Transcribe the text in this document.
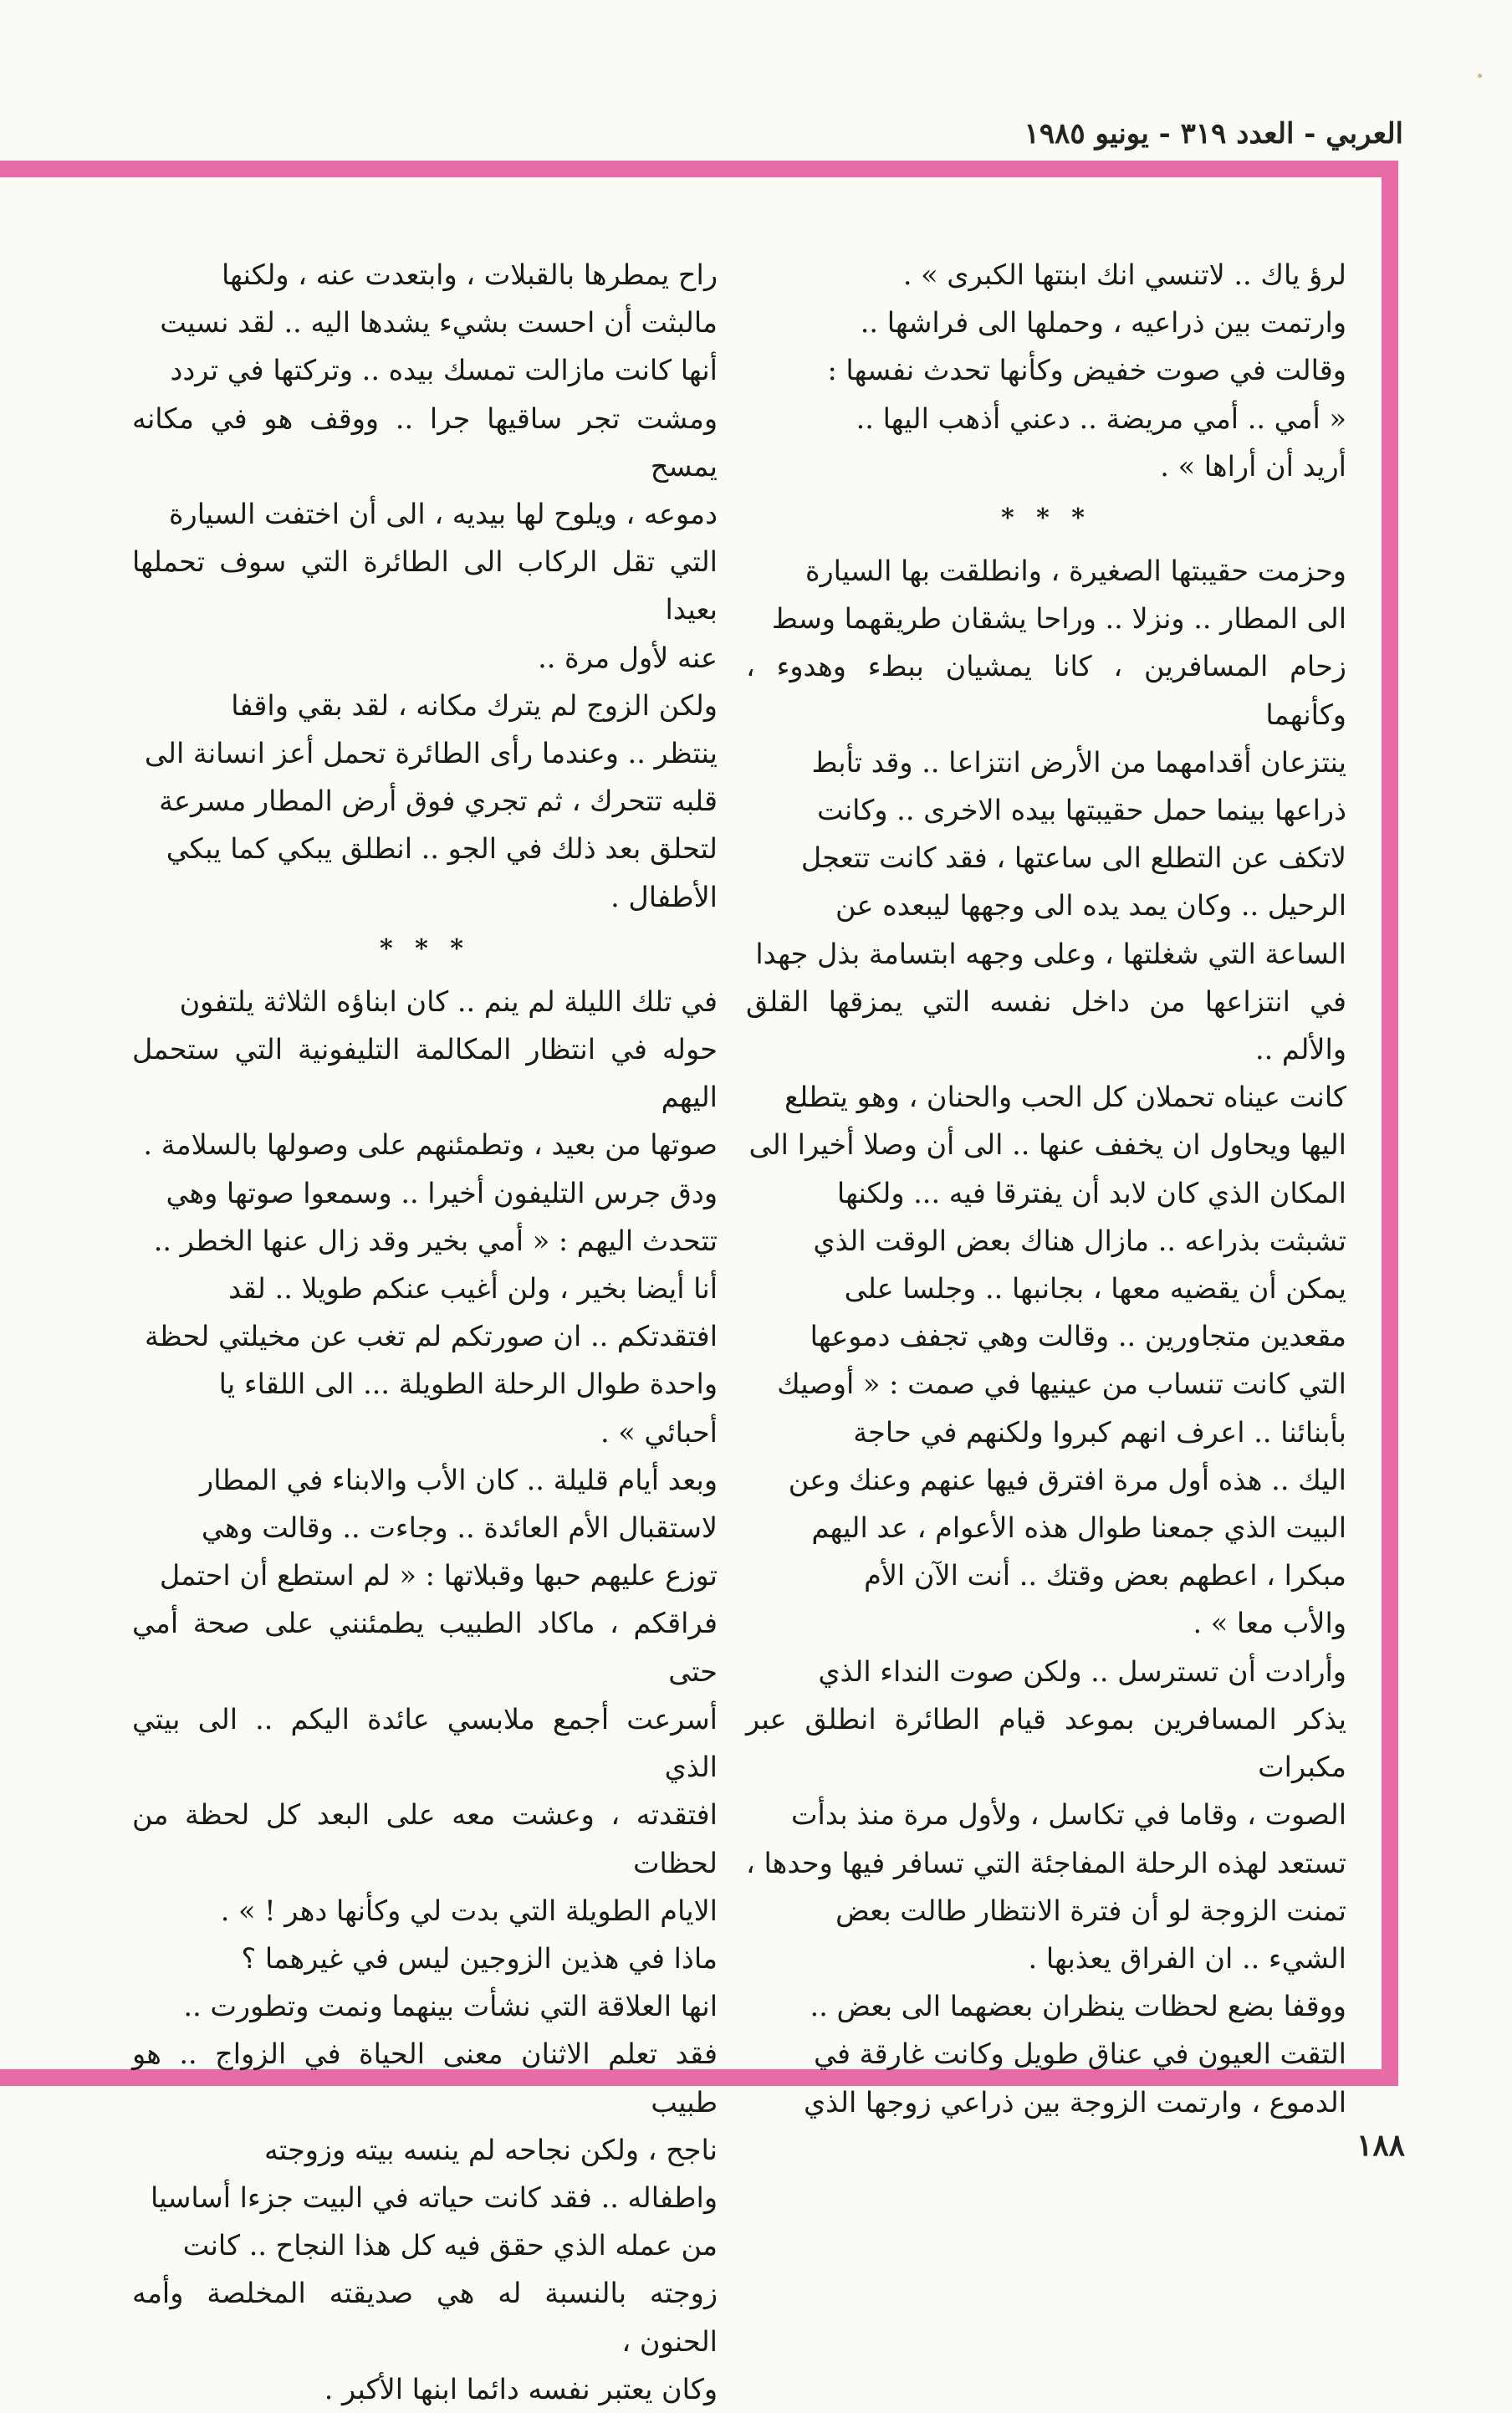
العربي - العدد ٣١٩ - يونيو ١٩٨٥

لرؤ ياك .. لاتنسي انك ابنتها الكبرى » .

وارتمت بين ذراعيه ، وحملها الى فراشها ..

وقالت في صوت خفيض وكأنها تحدث نفسها :

« أمي .. أمي مريضة .. دعني أذهب اليها ..

أريد أن أراها » .

* * *

وحزمت حقيبتها الصغيرة ، وانطلقت بها السيارة

الى المطار .. ونزلا .. وراحا يشقان طريقهما وسط

زحام المسافرين ، كانا يمشيان ببطء وهدوء ، وكأنهما

ينتزعان أقدامهما من الأرض انتزاعا .. وقد تأبط

ذراعها بينما حمل حقيبتها بيده الاخرى .. وكانت

لاتكف عن التطلع الى ساعتها ، فقد كانت تتعجل

الرحيل .. وكان يمد يده الى وجهها ليبعده عن

الساعة التي شغلتها ، وعلى وجهه ابتسامة بذل جهدا

في انتزاعها من داخل نفسه التي يمزقها القلق والألم ..

كانت عيناه تحملان كل الحب والحنان ، وهو يتطلع

اليها ويحاول ان يخفف عنها .. الى أن وصلا أخيرا الى

المكان الذي كان لابد أن يفترقا فيه ... ولكنها

تشبثت بذراعه .. مازال هناك بعض الوقت الذي

يمكن أن يقضيه معها ، بجانبها .. وجلسا على

مقعدين متجاورين .. وقالت وهي تجفف دموعها

التي كانت تنساب من عينيها في صمت : « أوصيك

بأبنائنا .. اعرف انهم كبروا ولكنهم في حاجة

اليك .. هذه أول مرة افترق فيها عنهم وعنك وعن

البيت الذي جمعنا طوال هذه الأعوام ، عد اليهم

مبكرا ، اعطهم بعض وقتك .. أنت الآن الأم

والأب معا » .

وأرادت أن تسترسل .. ولكن صوت النداء الذي

يذكر المسافرين بموعد قيام الطائرة انطلق عبر مكبرات

الصوت ، وقاما في تكاسل ، ولأول مرة منذ بدأت

تستعد لهذه الرحلة المفاجئة التي تسافر فيها وحدها ،

تمنت الزوجة لو أن فترة الانتظار طالت بعض

الشيء .. ان الفراق يعذبها .

ووقفا بضع لحظات ينظران بعضهما الى بعض ..

التقت العيون في عناق طويل وكانت غارقة في

الدموع ، وارتمت الزوجة بين ذراعي زوجها الذي

راح يمطرها بالقبلات ، وابتعدت عنه ، ولكنها

مالبثت أن احست بشيء يشدها اليه .. لقد نسيت

أنها كانت مازالت تمسك بيده .. وتركتها في تردد

ومشت تجر ساقيها جرا .. ووقف هو في مكانه يمسح

دموعه ، ويلوح لها بيديه ، الى أن اختفت السيارة

التي تقل الركاب الى الطائرة التي سوف تحملها بعيدا

عنه لأول مرة ..

ولكن الزوج لم يترك مكانه ، لقد بقي واقفا

ينتظر .. وعندما رأى الطائرة تحمل أعز انسانة الى

قلبه تتحرك ، ثم تجري فوق أرض المطار مسرعة

لتحلق بعد ذلك في الجو .. انطلق يبكي كما يبكي

الأطفال .

* * *

في تلك الليلة لم ينم .. كان ابناؤه الثلاثة يلتفون

حوله في انتظار المكالمة التليفونية التي ستحمل اليهم

صوتها من بعيد ، وتطمئنهم على وصولها بالسلامة .

ودق جرس التليفون أخيرا .. وسمعوا صوتها وهي

تتحدث اليهم : « أمي بخير وقد زال عنها الخطر ..

أنا أيضا بخير ، ولن أغيب عنكم طويلا .. لقد

افتقدتكم .. ان صورتكم لم تغب عن مخيلتي لحظة

واحدة طوال الرحلة الطويلة ... الى اللقاء يا

أحبائي » .

وبعد أيام قليلة .. كان الأب والابناء في المطار

لاستقبال الأم العائدة .. وجاءت .. وقالت وهي

توزع عليهم حبها وقبلاتها : « لم استطع أن احتمل

فراقكم ، ماكاد الطبيب يطمئنني على صحة أمي حتى

أسرعت أجمع ملابسي عائدة اليكم .. الى بيتي الذي

افتقدته ، وعشت معه على البعد كل لحظة من لحظات

الايام الطويلة التي بدت لي وكأنها دهر ! » .

ماذا في هذين الزوجين ليس في غيرهما ؟

انها العلاقة التي نشأت بينهما ونمت وتطورت ..

فقد تعلم الاثنان معنى الحياة في الزواج .. هو طبيب

ناجح ، ولكن نجاحه لم ينسه بيته وزوجته

واطفاله .. فقد كانت حياته في البيت جزءا أساسيا

من عمله الذي حقق فيه كل هذا النجاح .. كانت

زوجته بالنسبة له هي صديقته المخلصة وأمه الحنون ،

وكان يعتبر نفسه دائما ابنها الأكبر .

١٨٨
